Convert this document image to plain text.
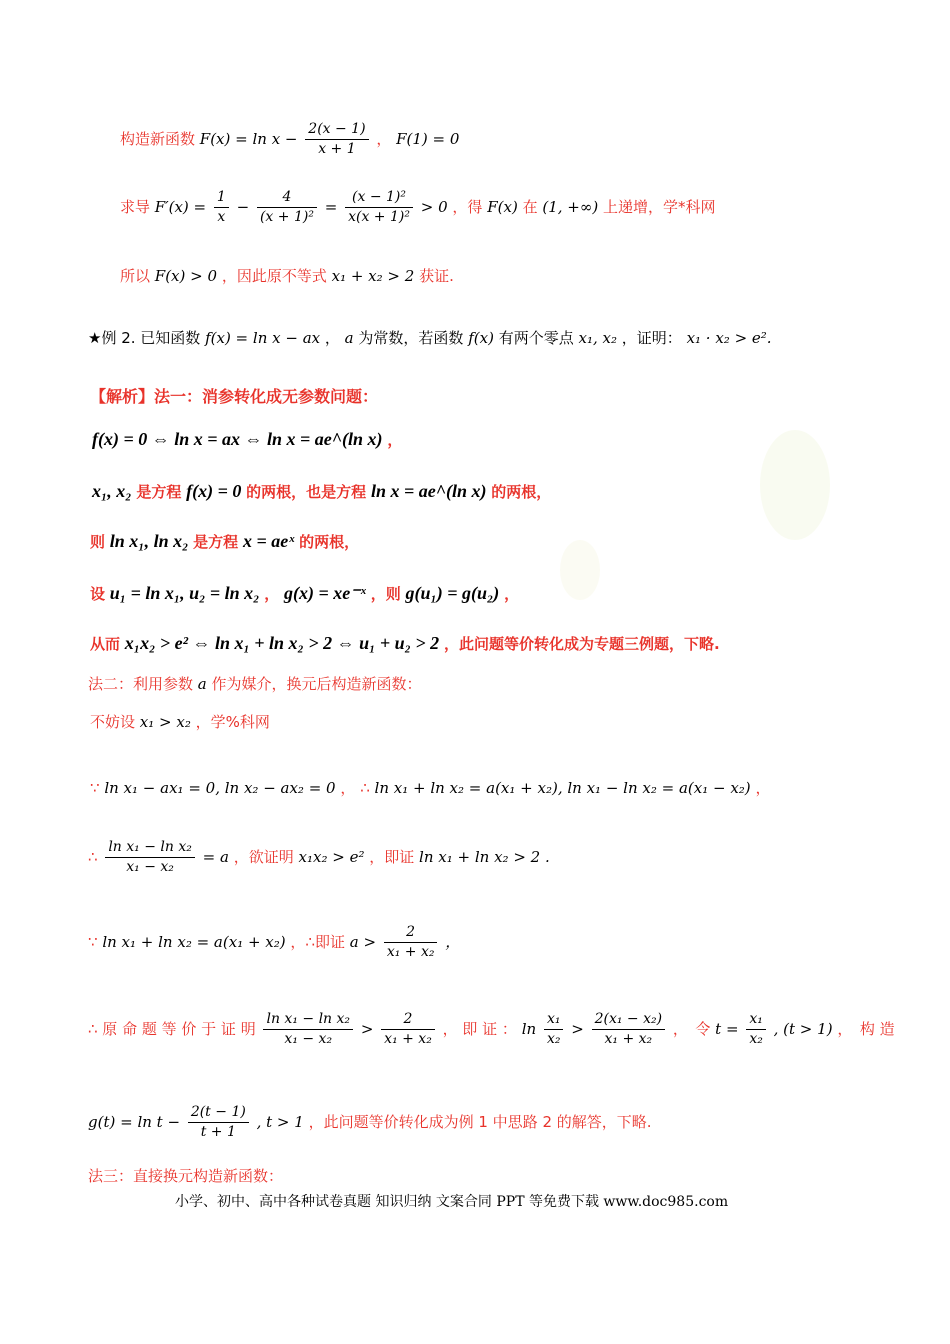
构造新函数 $F(x) = \ln x - \frac{2(x - 1)}{x + 1}$ ， F(1) = 0
求导 $F'(x) = \frac{1}{x} - \frac{4}{\text{(x + 1)²}} = \frac{\text{(x − 1)²}}{\text{x(x + 1)²}} > 0$ ，得 F(x) 在 (1, +∞) 上递增，学*科网
所以 F(x) > 0 ，因此原不等式 x₁ + x₂ > 2 获证.
★例 2. 已知函数 f(x) = ln x − ax ， a 为常数，若函数 f(x) 有两个零点 x₁, x₂ ，证明： x₁ · x₂ > e².
【解析】法一：消参转化成无参数问题：
f(x) = 0 ⇔ ln x = ax ⇔ ln x = ae^(ln x) ，
x₁, x₂ 是方程 f(x) = 0 的两根，也是方程 ln x = ae^(ln x) 的两根，
则 ln x₁, ln x₂ 是方程 x = aeˣ 的两根，
设 u₁ = ln x₁, u₂ = ln x₂ ， g(x) = xe⁻ˣ ，则 g(u₁) = g(u₂) ，
从而 x₁x₂ > e² ⇔ ln x₁ + ln x₂ > 2 ⇔ u₁ + u₂ > 2 ，此问题等价转化成为专题三例题，下略.
法二：利用参数 a 作为媒介，换元后构造新函数：
不妨设 x₁ > x₂ ，学%科网
∵ ln x₁ − ax₁ = 0, ln x₂ − ax₂ = 0 ， ∴ ln x₁ + ln x₂ = a(x₁ + x₂), ln x₁ − ln x₂ = a(x₁ − x₂) ，
∴ $\frac{\text{ln x₁ − ln x₂}}{\text{x₁ − x₂}} = a$ ，欲证明 x₁x₂ > e² ，即证 ln x₁ + ln x₂ > 2 .
∵ ln x₁ + ln x₂ = a(x₁ + x₂) ，∴即证 $a > \frac{2}{\text{x₁ + x₂}}$ ，
∴ 原 命 题 等 价 于 证 明 $\frac{\text{ln x₁ − ln x₂}}{\text{x₁ − x₂}} > \frac{2}{\text{x₁ + x₂}}$ ， 即 证 ： $\ln \frac{\text{x₁}}{\text{x₂}} > \frac{\text{2(x₁ − x₂)}}{\text{x₁ + x₂}}$ ，　令 $t = \frac{\text{x₁}}{\text{x₂}}$ , (t > 1) ，　构 造
$g(t) = \ln t - \frac{2(t - 1)}{t + 1}$ , t > 1 ，此问题等价转化成为例 1 中思路 2 的解答，下略.
法三：直接换元构造新函数：
小学、初中、高中各种试卷真题 知识归纳 文案合同 PPT 等免费下载 www.doc985.com
